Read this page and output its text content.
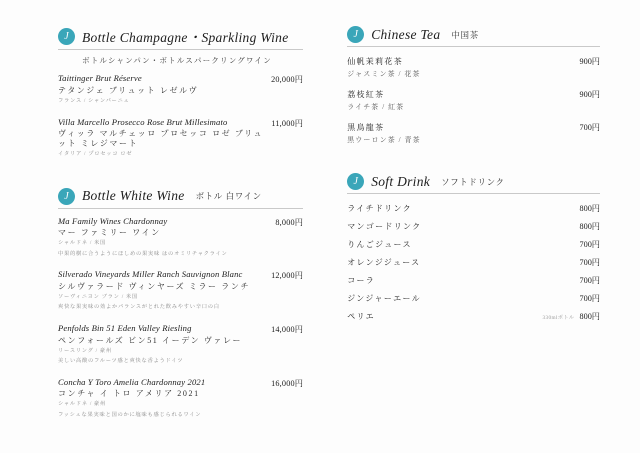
J Bottle Champagne・Sparkling Wine
ボトルシャンパン・ボトルスパークリングワイン
Taittinger Brut Réserve
テタンジェ ブリュット レゼルヴ
フランス / シャンパーニュ
20,000円
Villa Marcello Prosecco Rose Brut Millesimato
ヴィッラ マルチェッロ プロセッコ ロゼ ブリュット ミレジマート
イタリア / プロセッコ ロゼ
11,000円
J Bottle White Wine ボトル 白ワイン
Ma Family Wines Chardonnay
マー ファミリー ワイン
シャルドネ / 米国
中果的樹に合うようにほしめの果実味 はのオミリチャクライン
8,000円
Silverado Vineyards Miller Ranch Sauvignon Blanc
シルヴァラード ヴィンヤーズ ミラー ランチ
ソーヴィニヨン ブラン / 米国
爽快な果実味の効よかパランスがとれた飲みやすい辛口の白
12,000円
Penfolds Bin 51 Eden Valley Riesling
ペンフォールズ ビン51 イーデン ヴァレー
リースリング / 豪州
美しい高酸のフルーツ感と爽快な香ようドイツ
14,000円
Concha Y Toro Amelia Chardonnay 2021
コンチャ イ トロ アメリア 2021
シャルドネ / 豪州
フッシュな果実味と国のかに塩味も感じられるワイン
16,000円
J Chinese Tea 中国茶
仙帆茉莉花茶
ジャスミン茶 / 花茶
900円
荔枝紅茶
ライチ茶 / 紅茶
900円
黒鳥龍茶
黒ウーロン茶 / 青茶
700円
J Soft Drink ソフトドリンク
ライチドリンク	800円
マンゴードリンク	800円
りんごジュース	700円
オレンジジュース	700円
コーラ	700円
ジンジャーエール	700円
ペリエ	330mlボトル 800円
